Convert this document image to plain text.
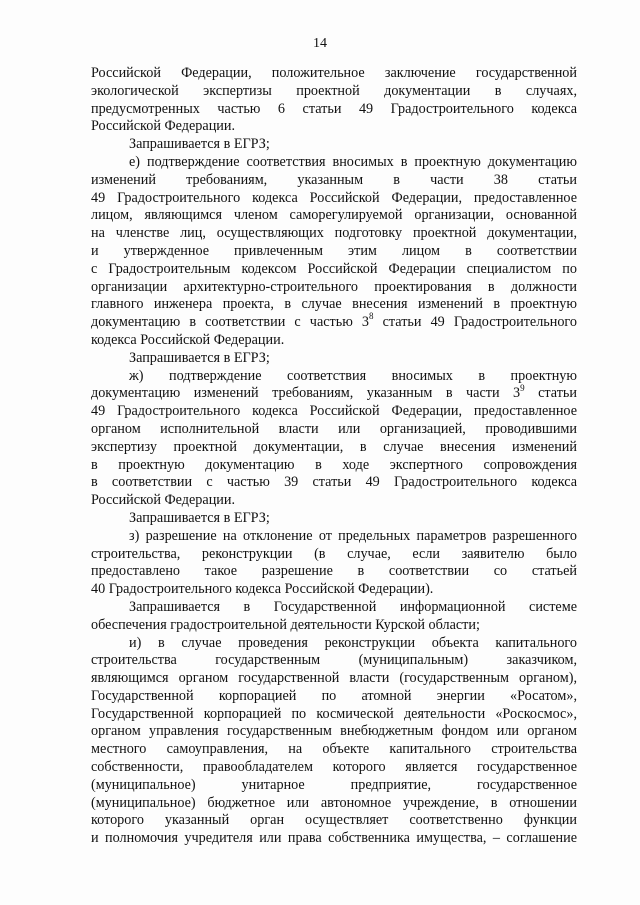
14
Российской Федерации, положительное заключение государственной
экологической экспертизы проектной документации в случаях,
предусмотренных частью 6 статьи 49 Градостроительного кодекса
Российской Федерации.
Запрашивается в ЕГРЗ;
е) подтверждение соответствия вносимых в проектную документацию
изменений требованиям, указанным в части 38 статьи
49 Градостроительного кодекса Российской Федерации, предоставленное
лицом, являющимся членом саморегулируемой организации, основанной
на членстве лиц, осуществляющих подготовку проектной документации,
и утвержденное привлеченным этим лицом в соответствии
с Градостроительным кодексом Российской Федерации специалистом по
организации архитектурно-строительного проектирования в должности
главного инженера проекта, в случае внесения изменений в проектную
документацию в соответствии с частью $3^8$ статьи 49 Градостроительного
кодекса Российской Федерации.
Запрашивается в ЕГРЗ;
ж) подтверждение соответствия вносимых в проектную
документацию изменений требованиям, указанным в части $3^9$ статьи
49 Градостроительного кодекса Российской Федерации, предоставленное
органом исполнительной власти или организацией, проводившими
экспертизу проектной документации, в случае внесения изменений
в проектную документацию в ходе экспертного сопровождения
в соответствии с частью 39 статьи 49 Градостроительного кодекса
Российской Федерации.
Запрашивается в ЕГРЗ;
з) разрешение на отклонение от предельных параметров разрешенного
строительства, реконструкции (в случае, если заявителю было
предоставлено такое разрешение в соответствии со статьей
40 Градостроительного кодекса Российской Федерации).
Запрашивается в Государственной информационной системе
обеспечения градостроительной деятельности Курской области;
и) в случае проведения реконструкции объекта капитального
строительства государственным (муниципальным) заказчиком,
являющимся органом государственной власти (государственным органом),
Государственной корпорацией по атомной энергии «Росатом»,
Государственной корпорацией по космической деятельности «Роскосмос»,
органом управления государственным внебюджетным фондом или органом
местного самоуправления, на объекте капитального строительства
собственности, правообладателем которого является государственное
(муниципальное) унитарное предприятие, государственное
(муниципальное) бюджетное или автономное учреждение, в отношении
которого указанный орган осуществляет соответственно функции
и полномочия учредителя или права собственника имущества, – соглашение
